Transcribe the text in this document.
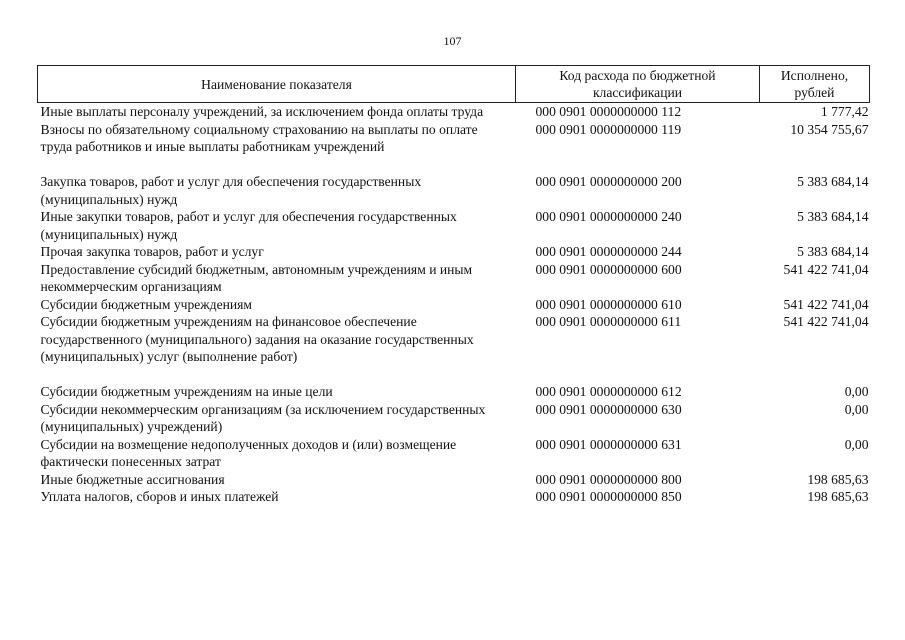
107
Наименование показателя	Код расхода по бюджетной классификации	Исполнено, рублей
Иные выплаты персоналу учреждений, за исключением фонда оплаты труда	000 0901 0000000000 112	1 777,42
Взносы по обязательному социальному страхованию на выплаты по оплате труда работников и иные выплаты работникам учреждений	000 0901 0000000000 119	10 354 755,67
Закупка товаров, работ и услуг для обеспечения государственных (муниципальных) нужд	000 0901 0000000000 200	5 383 684,14
Иные закупки товаров, работ и услуг для обеспечения государственных (муниципальных) нужд	000 0901 0000000000 240	5 383 684,14
Прочая закупка товаров, работ и услуг	000 0901 0000000000 244	5 383 684,14
Предоставление субсидий бюджетным, автономным учреждениям и иным некоммерческим организациям	000 0901 0000000000 600	541 422 741,04
Субсидии бюджетным учреждениям	000 0901 0000000000 610	541 422 741,04
Субсидии бюджетным учреждениям на финансовое обеспечение государственного (муниципального) задания на оказание государственных (муниципальных) услуг (выполнение работ)	000 0901 0000000000 611	541 422 741,04
Субсидии бюджетным учреждениям на иные цели	000 0901 0000000000 612	0,00
Субсидии некоммерческим организациям (за исключением государственных (муниципальных) учреждений)	000 0901 0000000000 630	0,00
Субсидии на возмещение недополученных доходов и (или) возмещение фактически понесенных затрат	000 0901 0000000000 631	0,00
Иные бюджетные ассигнования	000 0901 0000000000 800	198 685,63
Уплата налогов, сборов и иных платежей	000 0901 0000000000 850	198 685,63
